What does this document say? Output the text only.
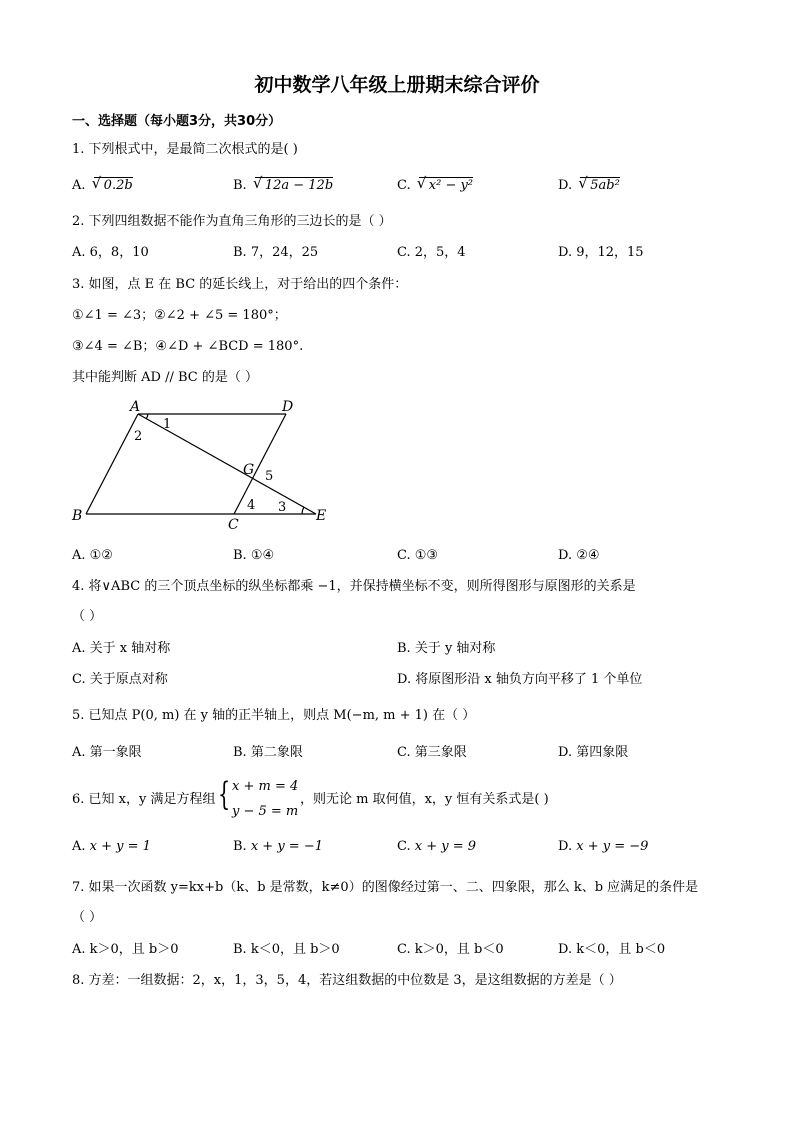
初中数学八年级上册期末综合评价
一、选择题（每小题3分，共30分）
1. 下列根式中，是最简二次根式的是( )
A. √ 0.2b	B. √ 12a − 12b	C. √ x² − y²	D. √ 5ab²
2. 下列四组数据不能作为直角三角形的三边长的是（ ）
A. 6，8，10	B. 7，24，25	C. 2，5，4	D. 9，12，15
3. 如图，点 E 在 BC 的延长线上，对于给出的四个条件：
①∠1 = ∠3；②∠2 + ∠5 = 180°；
③∠4 = ∠B；④∠D + ∠BCD = 180°.
其中能判断 AD // BC 的是（ ）
A	D
B
C
E
G
1
2
3
4
5
A. ①②	B. ①④	C. ①③	D. ②④
4. 将∨ABC 的三个顶点坐标的纵坐标都乘 −1，并保持横坐标不变，则所得图形与原图形的关系是
（ ）
A. 关于 x 轴对称	B. 关于 y 轴对称
C. 关于原点对称	D. 将原图形沿 x 轴负方向平移了 1 个单位
5. 已知点 P(0, m) 在 y 轴的正半轴上，则点 M(−m, m + 1) 在（ ）
A. 第一象限	B. 第二象限	C. 第三象限	D. 第四象限
6. 已知 x，y 满足方程组 { x + m = 4
y − 5 = m
，则无论 m 取何值，x，y 恒有关系式是( )
A. x + y = 1	B. x + y = −1	C. x + y = 9	D. x + y = −9
7. 如果一次函数 y=kx+b（k、b 是常数，k≠0）的图像经过第一、二、四象限，那么 k、b 应满足的条件是
（ ）
A. k＞0，且 b＞0	B. k＜0，且 b＞0	C. k＞0，且 b＜0	D. k＜0，且 b＜0
8. 方差：一组数据：2，x，1，3，5，4，若这组数据的中位数是 3，是这组数据的方差是（ ）
